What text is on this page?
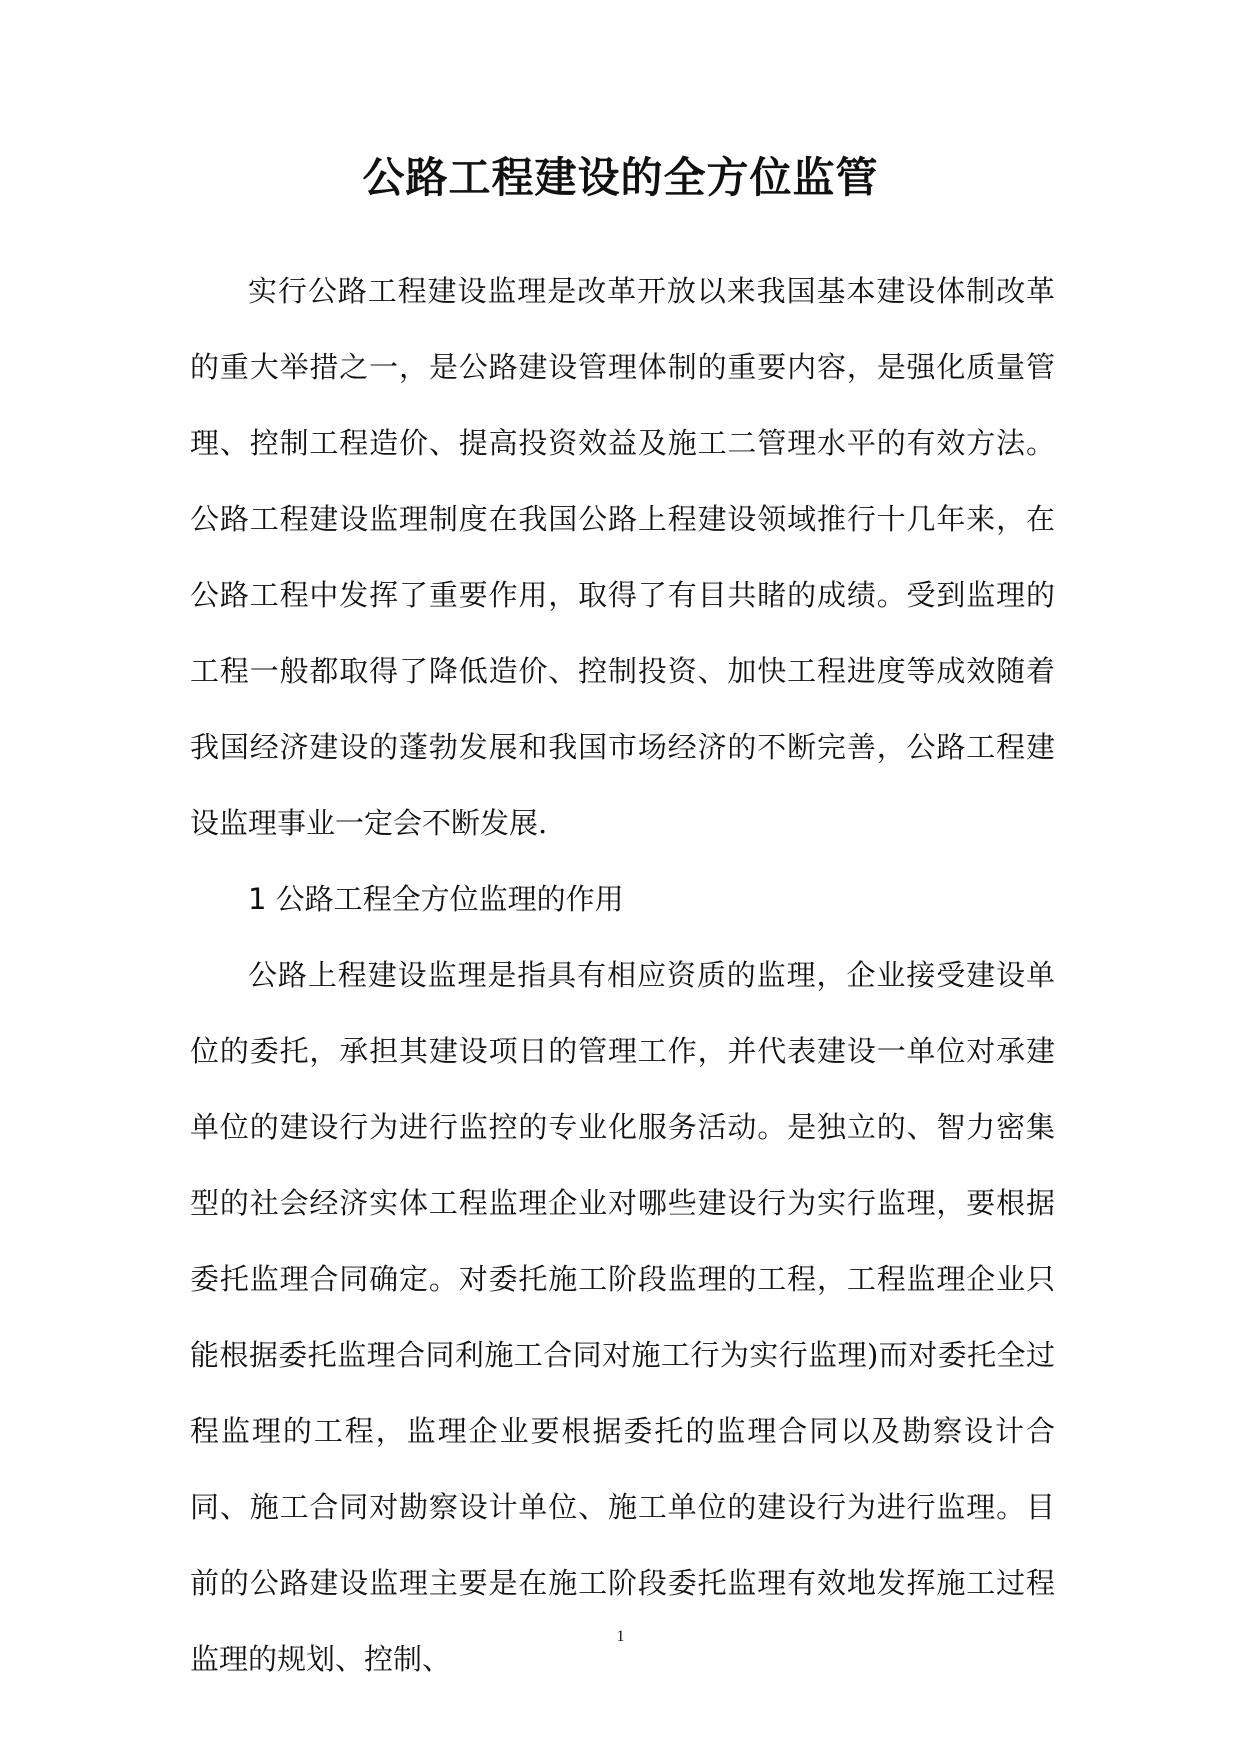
公路工程建设的全方位监管

实行公路工程建设监理是改革开放以来我国基本建设体制改革的重大举措之一，是公路建设管理体制的重要内容，是强化质量管理、控制工程造价、提高投资效益及施工二管理水平的有效方法。公路工程建设监理制度在我国公路上程建设领域推行十几年来，在公路工程中发挥了重要作用，取得了有目共睹的成绩。受到监理的工程一般都取得了降低造价、控制投资、加快工程进度等成效随着我国经济建设的蓬勃发展和我国市场经济的不断完善，公路工程建设监理事业一定会不断发展.

1 公路工程全方位监理的作用

公路上程建设监理是指具有相应资质的监理，企业接受建设单位的委托，承担其建设项日的管理工作，并代表建设一单位对承建单位的建设行为进行监控的专业化服务活动。是独立的、智力密集型的社会经济实体工程监理企业对哪些建设行为实行监理，要根据委托监理合同确定。对委托施工阶段监理的工程，工程监理企业只能根据委托监理合同利施工合同对施工行为实行监理)而对委托全过程监理的工程，监理企业要根据委托的监理合同以及勘察设计合同、施工合同对勘察设计单位、施工单位的建设行为进行监理。目前的公路建设监理主要是在施工阶段委托监理有效地发挥施工过程监理的规划、控制、

1
